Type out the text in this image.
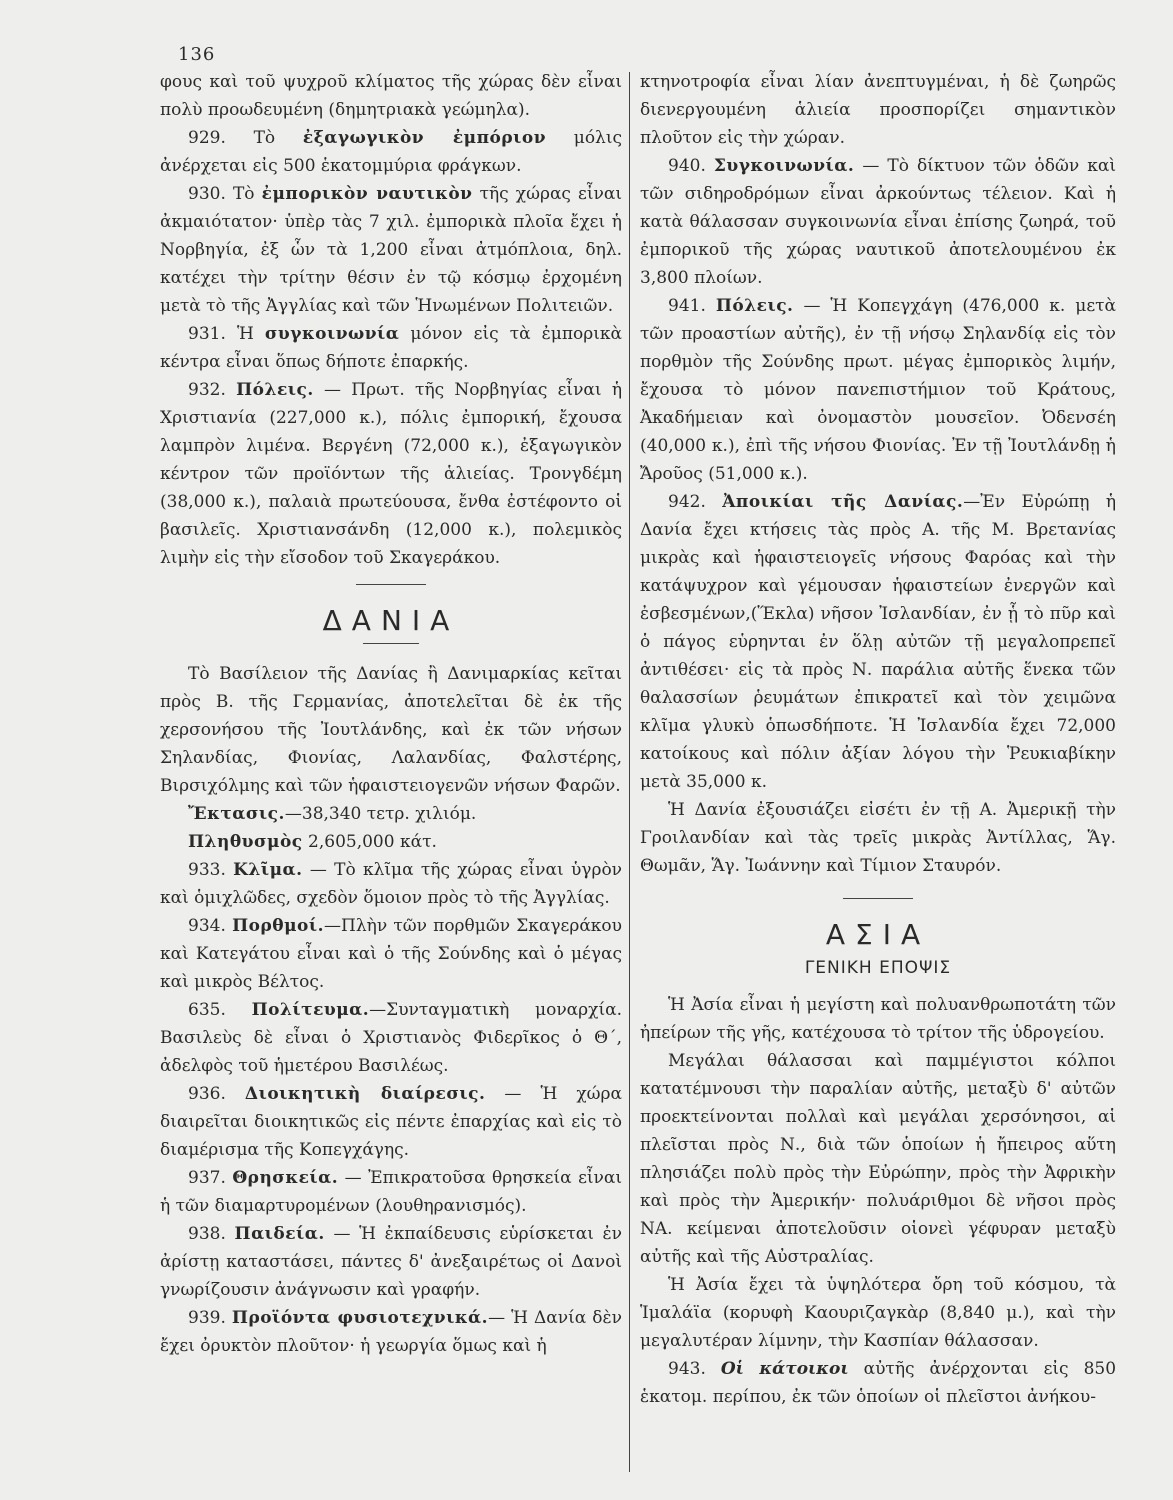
136

φους καὶ τοῦ ψυχροῦ κλίματος τῆς χώρας δὲν εἶναι πολὺ προωδευμένη (δημητριακὰ γεώμηλα).

929. Τὸ ἐξαγωγικὸν ἐμπόριον μόλις ἀνέρχεται εἰς 500 ἑκατομμύρια φράγκων.

930. Τὸ ἐμπορικὸν ναυτικὸν τῆς χώρας εἶναι ἀκμαιότατον· ὑπὲρ τὰς 7 χιλ. ἐμπορικὰ πλοῖα ἔχει ἡ Νορβηγία, ἐξ ὧν τὰ 1,200 εἶναι ἀτμόπλοια, δηλ. κατέχει τὴν τρίτην θέσιν ἐν τῷ κόσμῳ ἐρχομένη μετὰ τὸ τῆς Ἀγγλίας καὶ τῶν Ἡνωμένων Πολιτειῶν.

931. Ἡ συγκοινωνία μόνον εἰς τὰ ἐμπορικὰ κέντρα εἶναι ὅπως δήποτε ἐπαρκής.

932. Πόλεις. — Πρωτ. τῆς Νορβηγίας εἶναι ἡ Χριστιανία (227,000 κ.), πόλις ἐμπορική, ἔχουσα λαμπρὸν λιμένα. Βεργένη (72,000 κ.), ἐξαγωγικὸν κέντρον τῶν προϊόντων τῆς ἁλιείας. Τρονγδέμη (38,000 κ.), παλαιὰ πρωτεύουσα, ἔνθα ἐστέφοντο οἱ βασιλεῖς. Χριστιανσάνδη (12,000 κ.), πολεμικὸς λιμὴν εἰς τὴν εἴσοδον τοῦ Σκαγεράκου.

ΔΑΝΙΑ

Τὸ Βασίλειον τῆς Δανίας ἢ Δανιμαρκίας κεῖται πρὸς Β. τῆς Γερμανίας, ἀποτελεῖται δὲ ἐκ τῆς χερσονήσου τῆς Ἰουτλάνδης, καὶ ἐκ τῶν νήσων Σηλανδίας, Φιονίας, Λαλανδίας, Φαλστέρης, Βιρσιχόλμης καὶ τῶν ἡφαιστειογενῶν νήσων Φαρῶν.

Ἔκτασις.—38,340 τετρ. χιλιόμ.

Πληθυσμὸς 2,605,000 κάτ.

933. Κλῖμα. — Τὸ κλῖμα τῆς χώρας εἶναι ὑγρὸν καὶ ὁμιχλῶδες, σχεδὸν ὅμοιον πρὸς τὸ τῆς Ἀγγλίας.

934. Πορθμοί.—Πλὴν τῶν πορθμῶν Σκαγεράκου καὶ Κατεγάτου εἶναι καὶ ὁ τῆς Σούνδης καὶ ὁ μέγας καὶ μικρὸς Βέλτος.

635. Πολίτευμα.—Συνταγματικὴ μοναρχία. Βασιλεὺς δὲ εἶναι ὁ Χριστιανὸς Φιδερῖκος ὁ Θ΄, ἀδελφὸς τοῦ ἡμετέρου Βασιλέως.

936. Διοικητικὴ διαίρεσις. — Ἡ χώρα διαιρεῖται διοικητικῶς εἰς πέντε ἐπαρχίας καὶ εἰς τὸ διαμέρισμα τῆς Κοπεγχάγης.

937. Θρησκεία. — Ἐπικρατοῦσα θρησκεία εἶναι ἡ τῶν διαμαρτυρομένων (λουθηρανισμός).

938. Παιδεία. — Ἡ ἐκπαίδευσις εὑρίσκεται ἐν ἀρίστῃ καταστάσει, πάντες δ' ἀνεξαιρέτως οἱ Δανοὶ γνωρίζουσιν ἀνάγνωσιν καὶ γραφήν.

939. Προϊόντα φυσιοτεχνικά.— Ἡ Δανία δὲν ἔχει ὀρυκτὸν πλοῦτον· ἡ γεωργία ὅμως καὶ ἡ

κτηνοτροφία εἶναι λίαν ἀνεπτυγμέναι, ἡ δὲ ζωηρῶς διενεργουμένη ἁλιεία προσπορίζει σημαντικὸν πλοῦτον εἰς τὴν χώραν.

940. Συγκοινωνία. — Τὸ δίκτυον τῶν ὁδῶν καὶ τῶν σιδηροδρόμων εἶναι ἀρκούντως τέλειον. Καὶ ἡ κατὰ θάλασσαν συγκοινωνία εἶναι ἐπίσης ζωηρά, τοῦ ἐμπορικοῦ τῆς χώρας ναυτικοῦ ἀποτελουμένου ἐκ 3,800 πλοίων.

941. Πόλεις. — Ἡ Κοπεγχάγη (476,000 κ. μετὰ τῶν προαστίων αὐτῆς), ἐν τῇ νήσῳ Σηλανδίᾳ εἰς τὸν πορθμὸν τῆς Σούνδης πρωτ. μέγας ἐμπορικὸς λιμήν, ἔχουσα τὸ μόνον πανεπιστήμιον τοῦ Κράτους, Ἀκαδήμειαν καὶ ὀνομαστὸν μουσεῖον. Ὀδενσέη (40,000 κ.), ἐπὶ τῆς νήσου Φιονίας. Ἐν τῇ Ἰουτλάνδῃ ἡ Ἄροῦος (51,000 κ.).

942. Ἀποικίαι τῆς Δανίας.—Ἐν Εὐρώπῃ ἡ Δανία ἔχει κτήσεις τὰς πρὸς Α. τῆς Μ. Βρετανίας μικρὰς καὶ ἡφαιστειογεῖς νήσους Φαρόας καὶ τὴν κατάψυχρον καὶ γέμουσαν ἡφαιστείων ἐνεργῶν καὶ ἐσβεσμένων,(Ἕκλα) νῆσον Ἰσλανδίαν, ἐν ᾗ τὸ πῦρ καὶ ὁ πάγος εὑρηνται ἐν ὅλῃ αὐτῶν τῇ μεγαλοπρεπεῖ ἀντιθέσει· εἰς τὰ πρὸς Ν. παράλια αὐτῆς ἕνεκα τῶν θαλασσίων ῥευμάτων ἐπικρατεῖ καὶ τὸν χειμῶνα κλῖμα γλυκὺ ὁπωσδήποτε. Ἡ Ἰσλανδία ἔχει 72,000 κατοίκους καὶ πόλιν ἀξίαν λόγου τὴν Ῥευκιαβίκην μετὰ 35,000 κ.

Ἡ Δανία ἐξουσιάζει εἰσέτι ἐν τῇ Α. Ἀμερικῇ τὴν Γροιλανδίαν καὶ τὰς τρεῖς μικρὰς Ἀντίλλας, Ἅγ. Θωμᾶν, Ἅγ. Ἰωάννην καὶ Τίμιον Σταυρόν.

ΑΣΙΑ
ΓΕΝΙΚΗ ΕΠΟΨΙΣ

Ἡ Ἀσία εἶναι ἡ μεγίστη καὶ πολυανθρωποτάτη τῶν ἠπείρων τῆς γῆς, κατέχουσα τὸ τρίτον τῆς ὑδρογείου.

Μεγάλαι θάλασσαι καὶ παμμέγιστοι κόλποι κατατέμνουσι τὴν παραλίαν αὐτῆς, μεταξὺ δ' αὐτῶν προεκτείνονται πολλαὶ καὶ μεγάλαι χερσόνησοι, αἱ πλεῖσται πρὸς Ν., διὰ τῶν ὁποίων ἡ ἤπειρος αὕτη πλησιάζει πολὺ πρὸς τὴν Εὐρώπην, πρὸς τὴν Ἀφρικὴν καὶ πρὸς τὴν Ἀμερικήν· πολυάριθμοι δὲ νῆσοι πρὸς ΝΑ. κείμεναι ἀποτελοῦσιν οἱονεὶ γέφυραν μεταξὺ αὐτῆς καὶ τῆς Αὐστραλίας.

Ἡ Ἀσία ἔχει τὰ ὑψηλότερα ὄρη τοῦ κόσμου, τὰ Ἱμαλάϊα (κορυφὴ Καουριζαγκὰρ (8,840 μ.), καὶ τὴν μεγαλυτέραν λίμνην, τὴν Κασπίαν θάλασσαν.

943. Οἱ κάτοικοι αὐτῆς ἀνέρχονται εἰς 850 ἑκατομ. περίπου, ἐκ τῶν ὁποίων οἱ πλεῖστοι ἀνήκου-
